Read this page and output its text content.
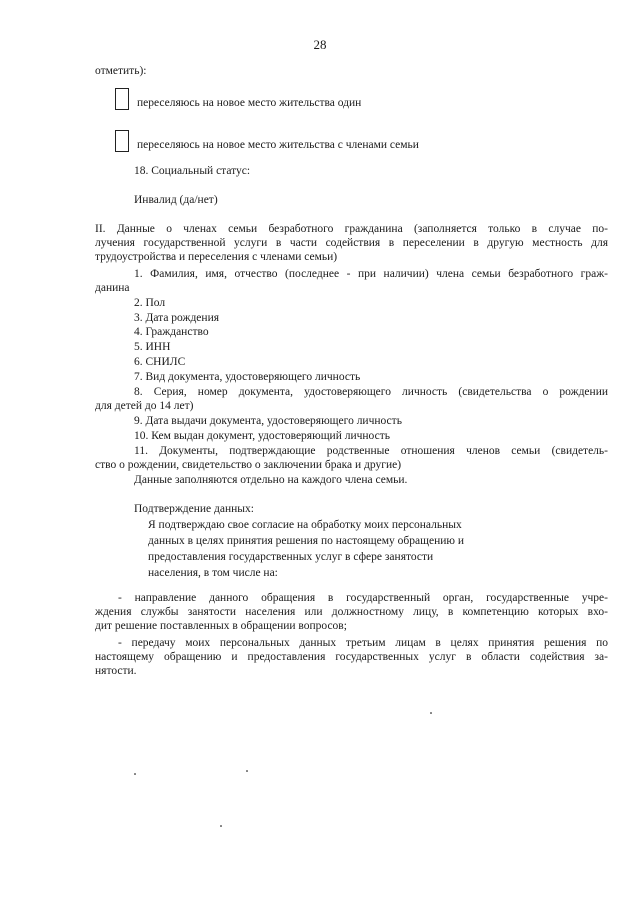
28
отметить):
переселяюсь на новое место жительства один
переселяюсь на новое место жительства с членами семьи
18. Социальный статус:
Инвалид (да/нет)
II. Данные о членах семьи безработного гражданина (заполняется только в случае по-
лучения государственной услуги в части содействия в переселении в другую местность для
трудоустройства и переселения с членами семьи)
1. Фамилия, имя, отчество (последнее - при наличии) члена семьи безработного граж-
данина
2. Пол
3. Дата рождения
4. Гражданство
5. ИНН
6. СНИЛС
7. Вид документа, удостоверяющего личность
8. Серия, номер документа, удостоверяющего личность (свидетельства о рождении
для детей до 14 лет)
9. Дата выдачи документа, удостоверяющего личность
10. Кем выдан документ, удостоверяющий личность
11. Документы, подтверждающие родственные отношения членов семьи (свидетель-
ство о рождении, свидетельство о заключении брака и другие)
Данные заполняются отдельно на каждого члена семьи.
Подтверждение данных:
Я подтверждаю свое согласие на обработку моих персональных
данных в целях принятия решения по настоящему обращению и
предоставления государственных услуг в сфере занятости
населения, в том числе на:
- направление данного обращения в государственный орган, государственные учре-
ждения службы занятости населения или должностному лицу, в компетенцию которых вхо-
дит решение поставленных в обращении вопросов;
- передачу моих персональных данных третьим лицам в целях принятия решения по
настоящему обращению и предоставления государственных услуг в области содействия за-
нятости.
